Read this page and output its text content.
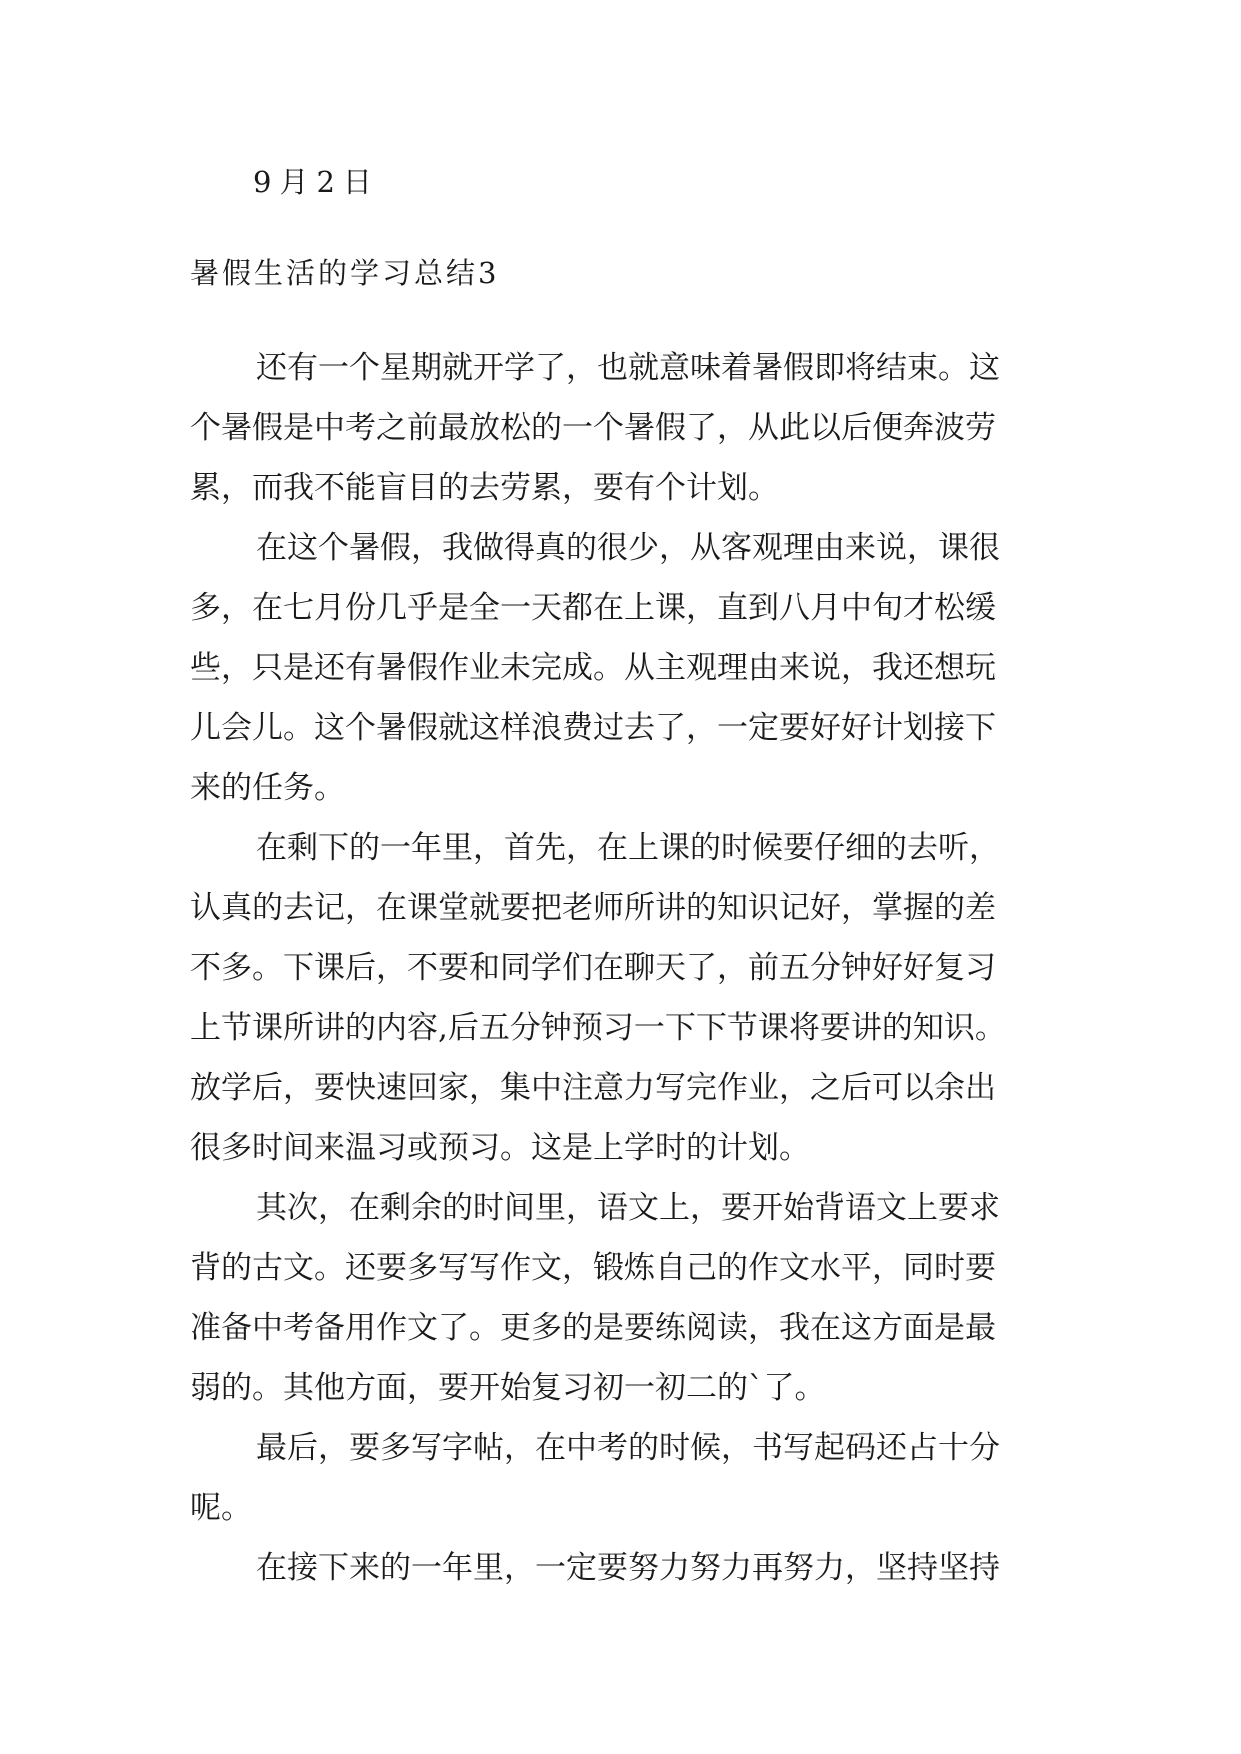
9月2日

暑假生活的学习总结3

还有一个星期就开学了，也就意味着暑假即将结束。这
个暑假是中考之前最放松的一个暑假了，从此以后便奔波劳
累，而我不能盲目的去劳累，要有个计划。

在这个暑假，我做得真的很少，从客观理由来说，课很
多，在七月份几乎是全一天都在上课，直到八月中旬才松缓
些，只是还有暑假作业未完成。从主观理由来说，我还想玩
儿会儿。这个暑假就这样浪费过去了，一定要好好计划接下
来的任务。

在剩下的一年里，首先，在上课的时候要仔细的去听，
认真的去记，在课堂就要把老师所讲的知识记好，掌握的差
不多。下课后，不要和同学们在聊天了，前五分钟好好复习
上节课所讲的内容,后五分钟预习一下下节课将要讲的知识。
放学后，要快速回家，集中注意力写完作业，之后可以余出
很多时间来温习或预习。这是上学时的计划。

其次，在剩余的时间里，语文上，要开始背语文上要求
背的古文。还要多写写作文，锻炼自己的作文水平，同时要
准备中考备用作文了。更多的是要练阅读，我在这方面是最
弱的。其他方面，要开始复习初一初二的`了。

最后，要多写字帖，在中考的时候，书写起码还占十分
呢。

在接下来的一年里，一定要努力努力再努力，坚持坚持
